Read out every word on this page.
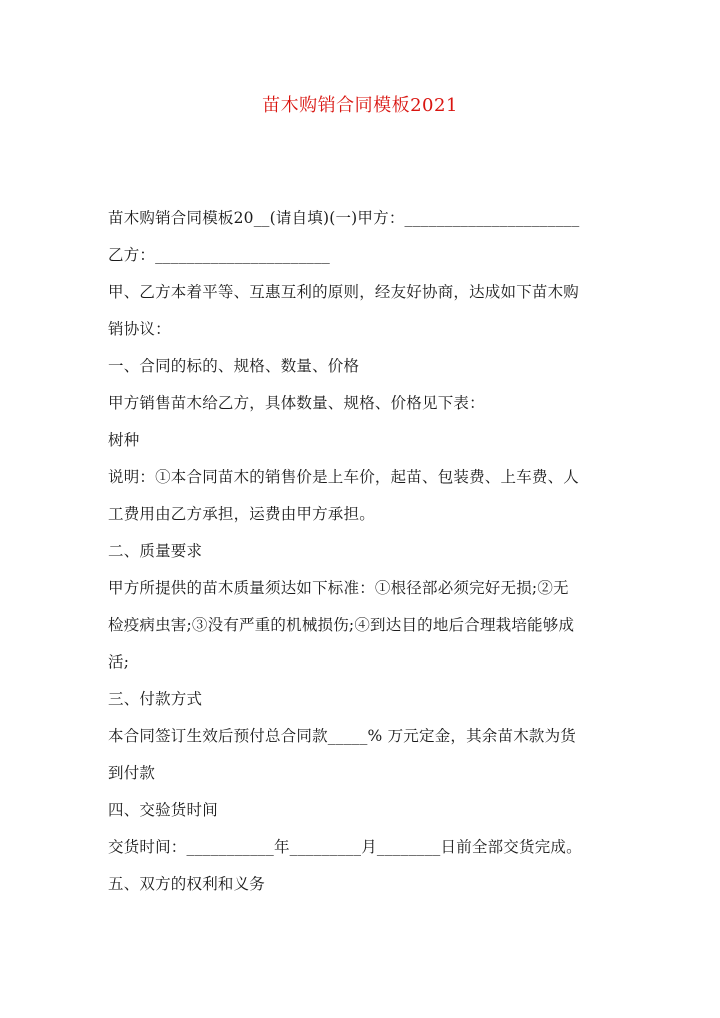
苗木购销合同模板2021
苗木购销合同模板20__(请自填)(一)甲方：______________________
乙方：______________________
甲、乙方本着平等、互惠互利的原则，经友好协商，达成如下苗木购
销协议：
一、合同的标的、规格、数量、价格
甲方销售苗木给乙方，具体数量、规格、价格见下表：
树种
说明：①本合同苗木的销售价是上车价，起苗、包装费、上车费、人
工费用由乙方承担，运费由甲方承担。
二、质量要求
甲方所提供的苗木质量须达如下标准：①根径部必须完好无损;②无
检疫病虫害;③没有严重的机械损伤;④到达目的地后合理栽培能够成
活;
三、付款方式
本合同签订生效后预付总合同款_____% 万元定金，其余苗木款为货
到付款
四、交验货时间
交货时间：___________年_________月________日前全部交货完成。
五、双方的权利和义务
